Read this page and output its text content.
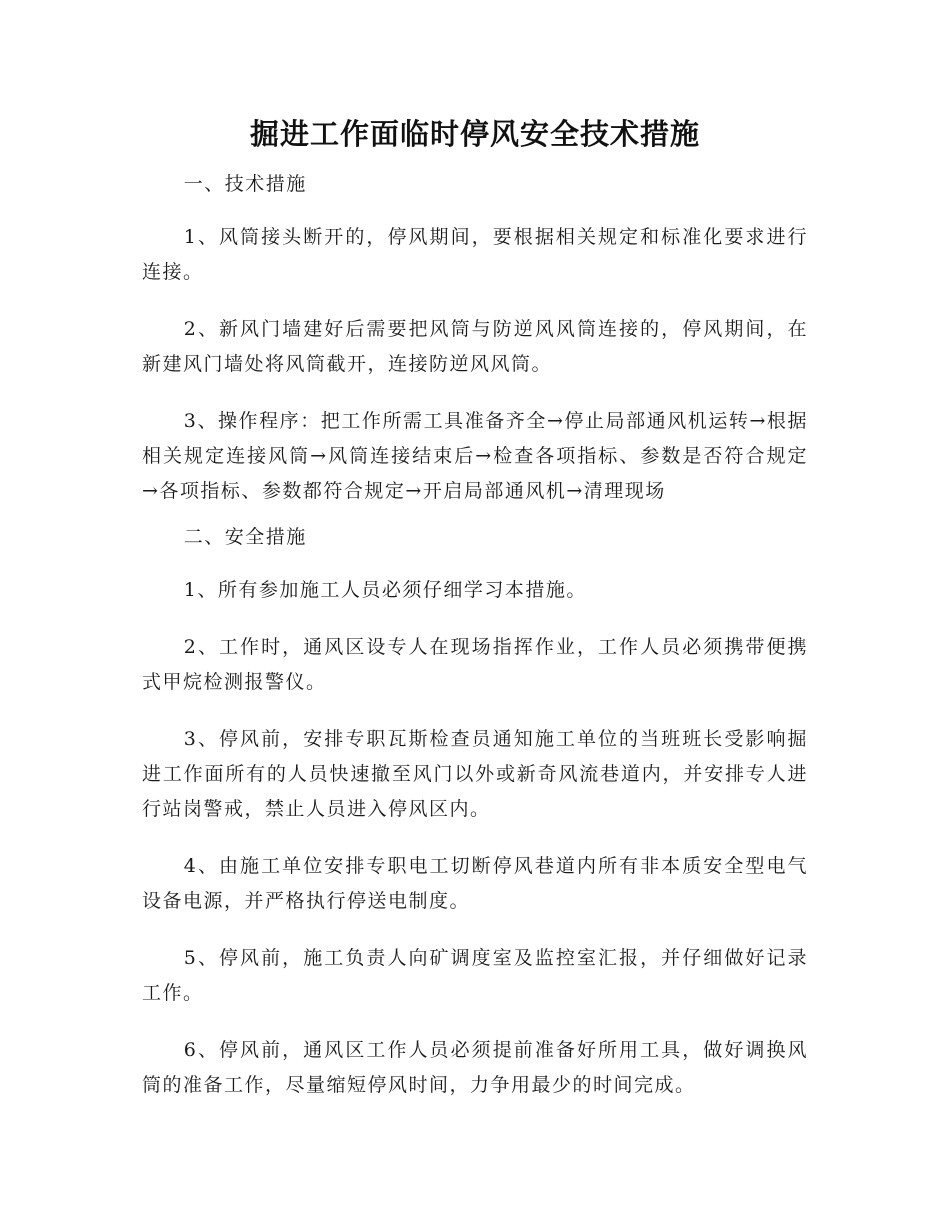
掘进工作面临时停风安全技术措施

一、技术措施

1、风筒接头断开的，停风期间，要根据相关规定和标准化要求进行连接。

2、新风门墙建好后需要把风筒与防逆风风筒连接的，停风期间，在新建风门墙处将风筒截开，连接防逆风风筒。

3、操作程序：把工作所需工具准备齐全→停止局部通风机运转→根据相关规定连接风筒→风筒连接结束后→检查各项指标、参数是否符合规定→各项指标、参数都符合规定→开启局部通风机→清理现场

二、安全措施

1、所有参加施工人员必须仔细学习本措施。

2、工作时，通风区设专人在现场指挥作业，工作人员必须携带便携式甲烷检测报警仪。

3、停风前，安排专职瓦斯检查员通知施工单位的当班班长受影响掘进工作面所有的人员快速撤至风门以外或新奇风流巷道内，并安排专人进行站岗警戒，禁止人员进入停风区内。

4、由施工单位安排专职电工切断停风巷道内所有非本质安全型电气设备电源，并严格执行停送电制度。

5、停风前，施工负责人向矿调度室及监控室汇报，并仔细做好记录工作。

6、停风前，通风区工作人员必须提前准备好所用工具，做好调换风筒的准备工作，尽量缩短停风时间，力争用最少的时间完成。
